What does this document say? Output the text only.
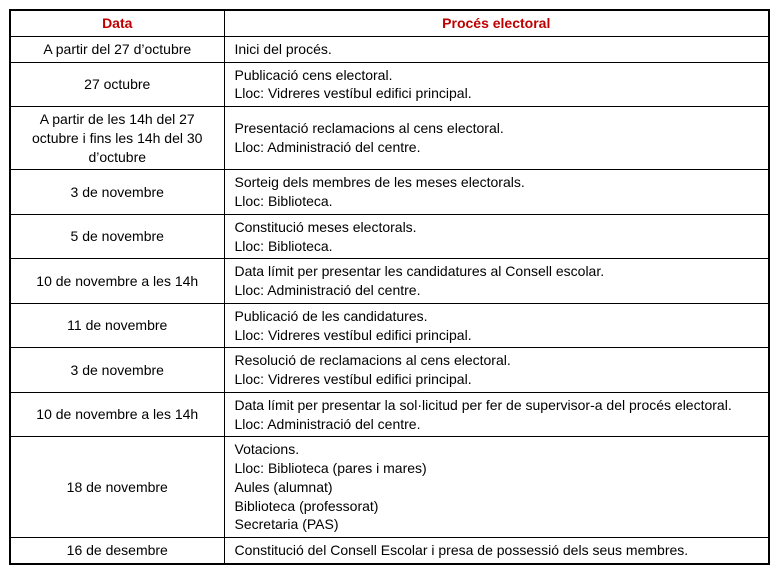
Data	Procés electoral
A partir del 27 d’octubre	Inici del procés.

27 octubre	Publicació cens electoral.
Lloc: Vidreres vestíbul edifici principal.

A partir de les 14h del 27 octubre i fins les 14h del 30 d’octubre	Presentació reclamacions al cens electoral.
Lloc: Administració del centre.

3 de novembre	Sorteig dels membres de les meses electorals.
Lloc: Biblioteca.

5 de novembre	Constitució meses electorals.
Lloc: Biblioteca.

10 de novembre a les 14h	Data límit per presentar les candidatures al Consell escolar.
Lloc: Administració del centre.

11 de novembre	Publicació de les candidatures.
Lloc: Vidreres vestíbul edifici principal.

3 de novembre	Resolució de reclamacions al cens electoral.
Lloc: Vidreres vestíbul edifici principal.

10 de novembre a les 14h	Data límit per presentar la sol·licitud per fer de supervisor-a del procés electoral.
Lloc: Administració del centre.

18 de novembre	Votacions.
Lloc: Biblioteca (pares i mares)
Aules (alumnat)
Biblioteca (professorat)
Secretaria (PAS)

16 de desembre	Constitució del Consell Escolar i presa de possessió dels seus membres.
